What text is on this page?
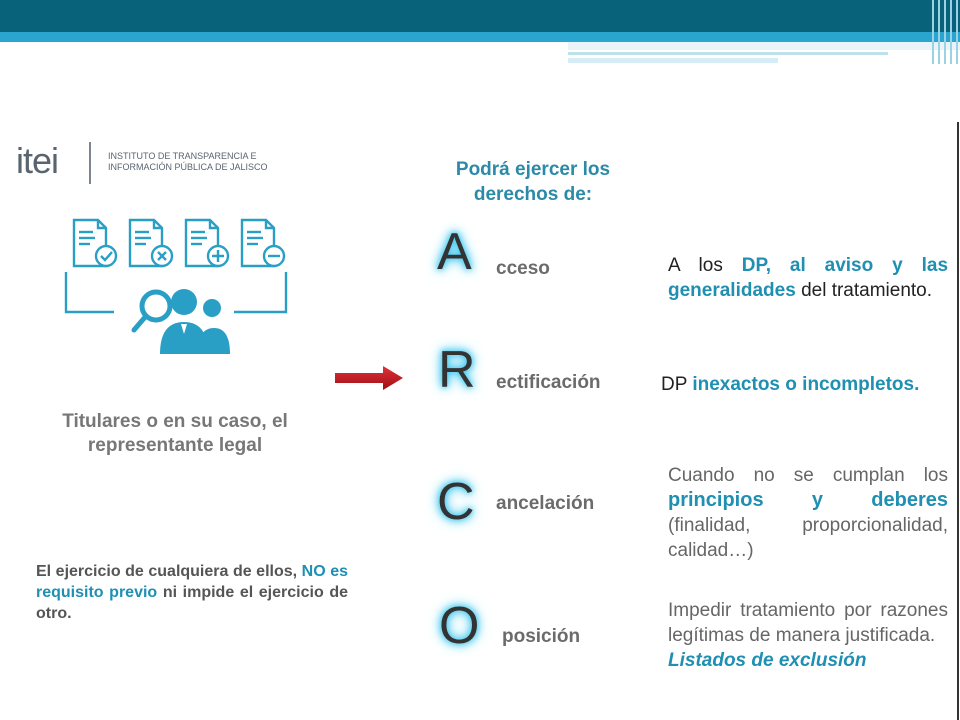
itei	INSTITUTO DE TRANSPARENCIA E
INFORMACIÓN PÚBLICA DE JALISCO
Titulares o en su caso, el
representante legal
El ejercicio de cualquiera de ellos, NO es requisito previo ni impide el ejercicio de otro.
Podrá ejercer los
derechos de:
A cceso
R ectificación
C ancelación
O posición
A los DP, al aviso y las generalidades del tratamiento.
DP inexactos o incompletos.
Cuando no se cumplan los principios y deberes (finalidad, proporcionalidad, calidad…)
Impedir tratamiento por razones legítimas de manera justificada.
Listados de exclusión
